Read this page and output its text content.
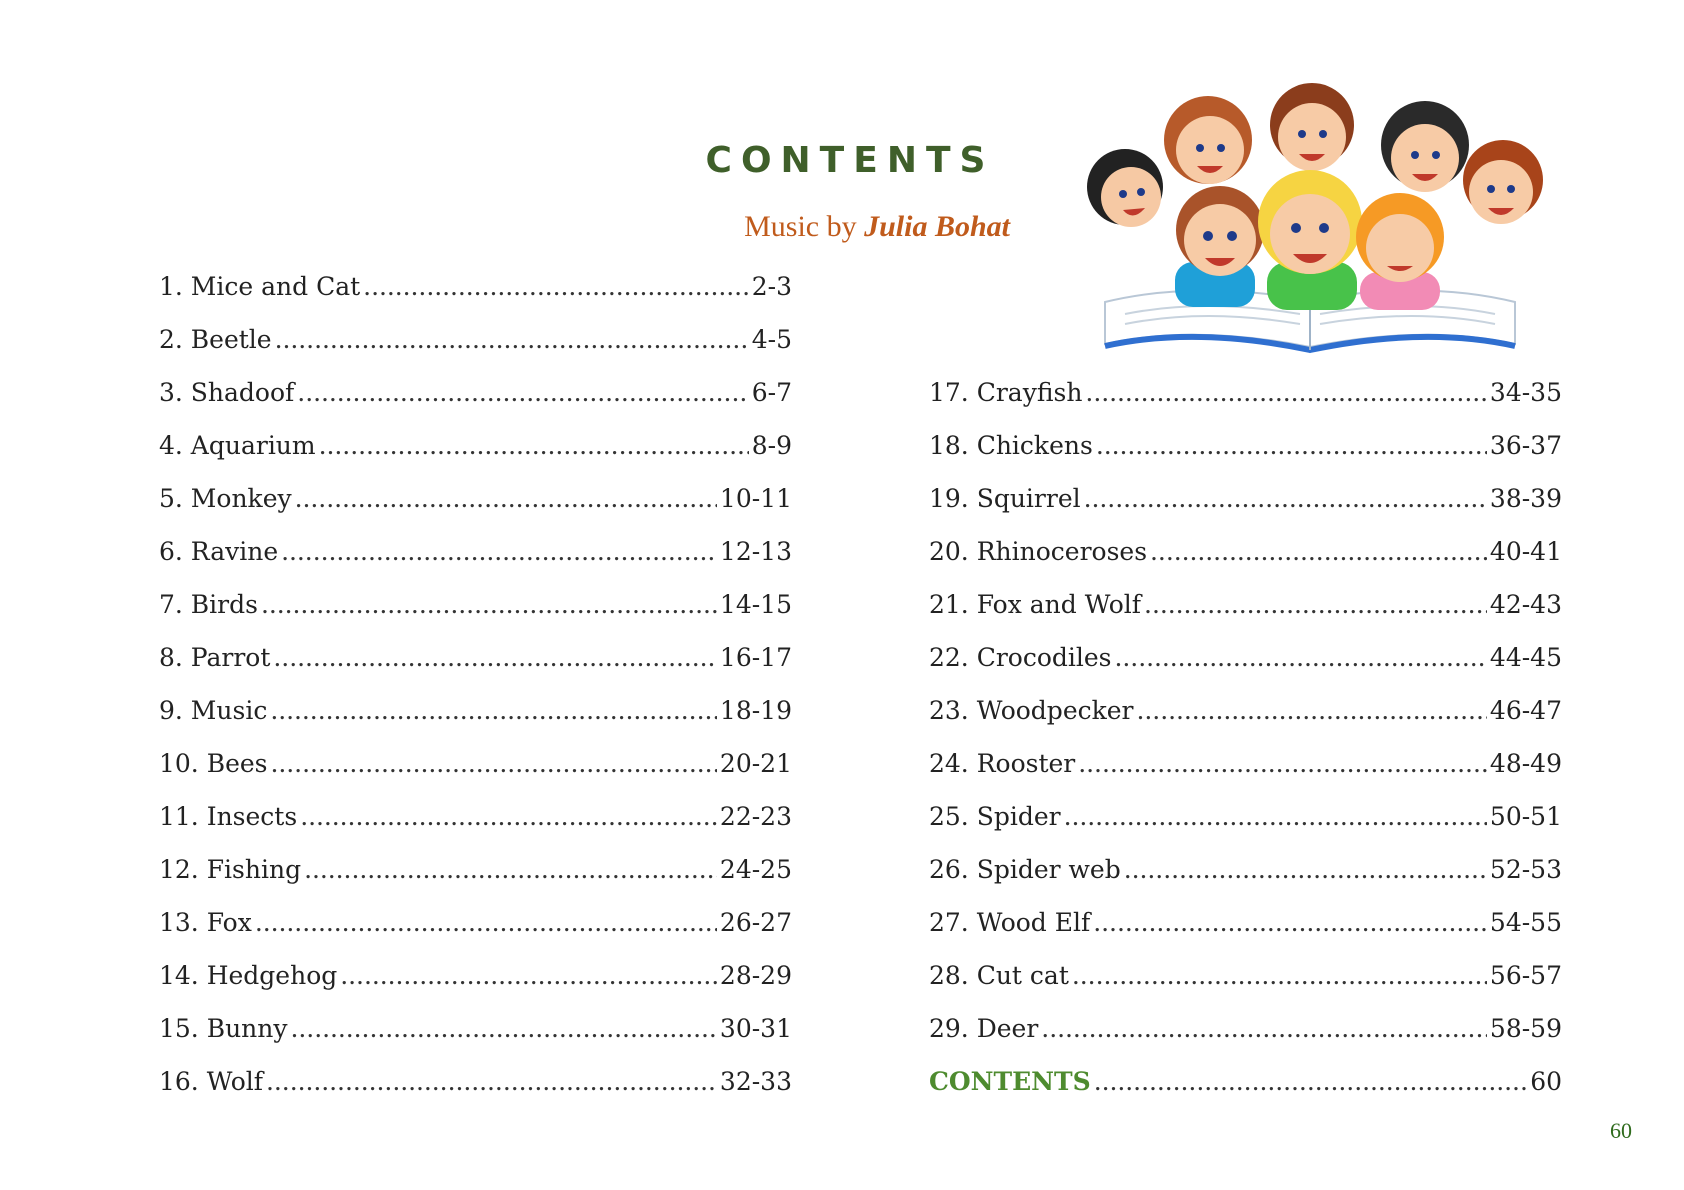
CONTENTS
Music by Julia Bohat
1. Mice and Cat . . .	2-3
2. Beetle . . .	4-5
3. Shadoof . . .	6-7
4. Aquarium . . .	8-9
5. Monkey . . .	10-11
6. Ravine . . .	12-13
7. Birds . . .	14-15
8. Parrot . . .	16-17
9. Music . . .	18-19
10. Bees . . .	20-21
11. Insects . . .	22-23
12. Fishing . . .	24-25
13. Fox . . .	26-27
14. Hedgehog . . .	28-29
15. Bunny . . .	30-31
16. Wolf . . .	32-33
17. Crayfish . . .	34-35
18. Chickens . . .	36-37
19. Squirrel . . .	38-39
20. Rhinoceroses . . .	40-41
21. Fox and Wolf . . .	42-43
22. Crocodiles . . .	44-45
23. Woodpecker . . .	46-47
24. Rooster . . .	48-49
25. Spider . . .	50-51
26. Spider web . . .	52-53
27. Wood Elf . . .	54-55
28. Cut cat . . .	56-57
29. Deer . . .	58-59
CONTENTS . . .	60
60
